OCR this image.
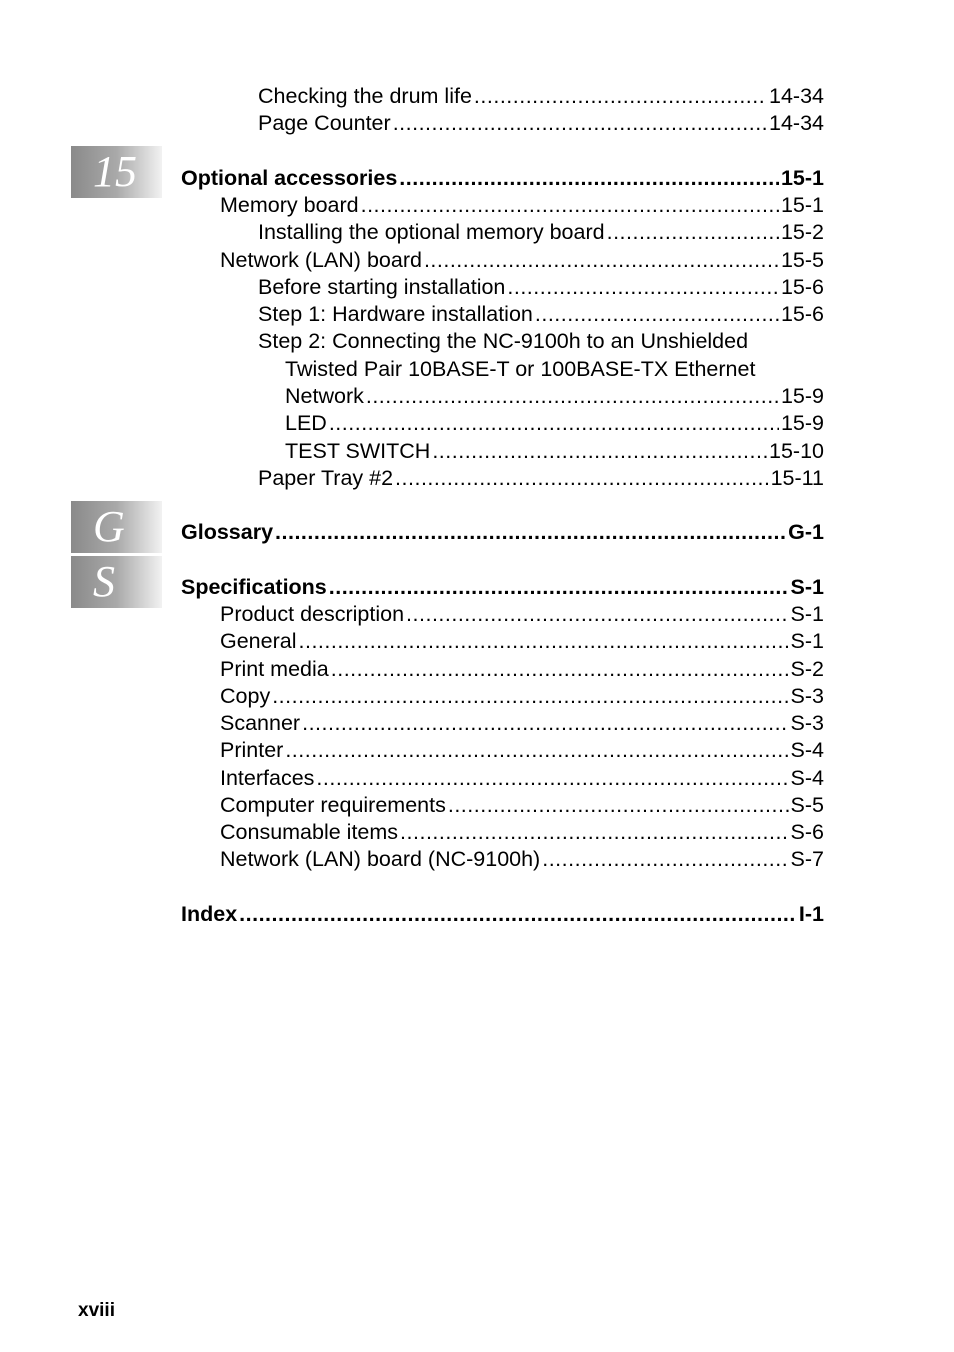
15
G
S
Checking the drum life .....	14-34
Page Counter .....	14-34
Optional accessories .....	15-1
Memory board .....	15-1
Installing the optional memory board .....	15-2
Network (LAN) board .....	15-5
Before starting installation .....	15-6
Step 1: Hardware installation .....	15-6
Step 2: Connecting the NC-9100h to an Unshielded
Twisted Pair 10BASE-T or 100BASE-TX Ethernet
Network .....	15-9
LED .....	15-9
TEST SWITCH .....	15-10
Paper Tray #2 .....	15-11
Glossary .....	G-1
Specifications .....	S-1
Product description .....	S-1
General .....	S-1
Print media .....	S-2
Copy .....	S-3
Scanner .....	S-3
Printer .....	S-4
Interfaces .....	S-4
Computer requirements .....	S-5
Consumable items .....	S-6
Network (LAN) board (NC-9100h) .....	S-7
Index .....	I-1
xviii
